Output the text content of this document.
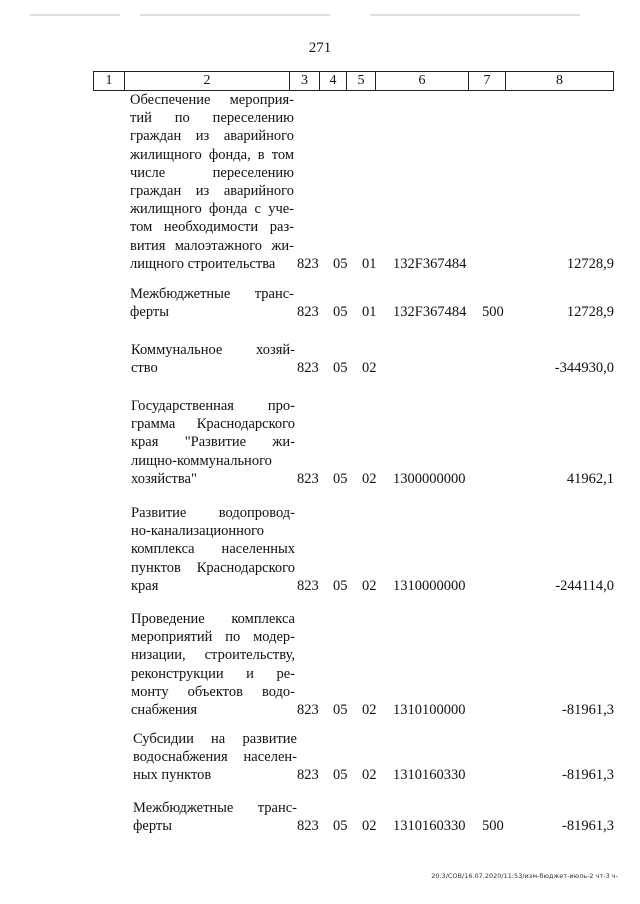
271
1	2	3	4	5	6	7	8
Обеспечение мероприя-
тий по переселению
граждан из аварийного
жилищного фонда, в том
числе переселению
граждан из аварийного
жилищного фонда с уче-
том необходимости раз-
вития малоэтажного жи-
лищного строительства	823 05 01 132F367484	12728,9
Межбюджетные транс-
ферты	823 05 01 132F367484 500	12728,9
Коммунальное хозяй-
ство	823 05 02	-344930,0
Государственная про-
грамма Краснодарского
края "Развитие жи-
лищно-коммунального
хозяйства"	823 05 02 1300000000	41962,1
Развитие водопровод-
но-канализационного
комплекса населенных
пунктов Краснодарского
края	823 05 02 1310000000	-244114,0
Проведение комплекса
мероприятий по модер-
низации, строительству,
реконструкции и ре-
монту объектов водо-
снабжения	823 05 02 1310100000	-81961,3
Субсидии на развитие
водоснабжения населен-
ных пунктов	823 05 02 1310160330	-81961,3
Межбюджетные транс-
ферты	823 05 02 1310160330 500	-81961,3
20.3/СОВ/16.07.2020/11:53/изм-бюджет-июль-2 чт-3 ч-
